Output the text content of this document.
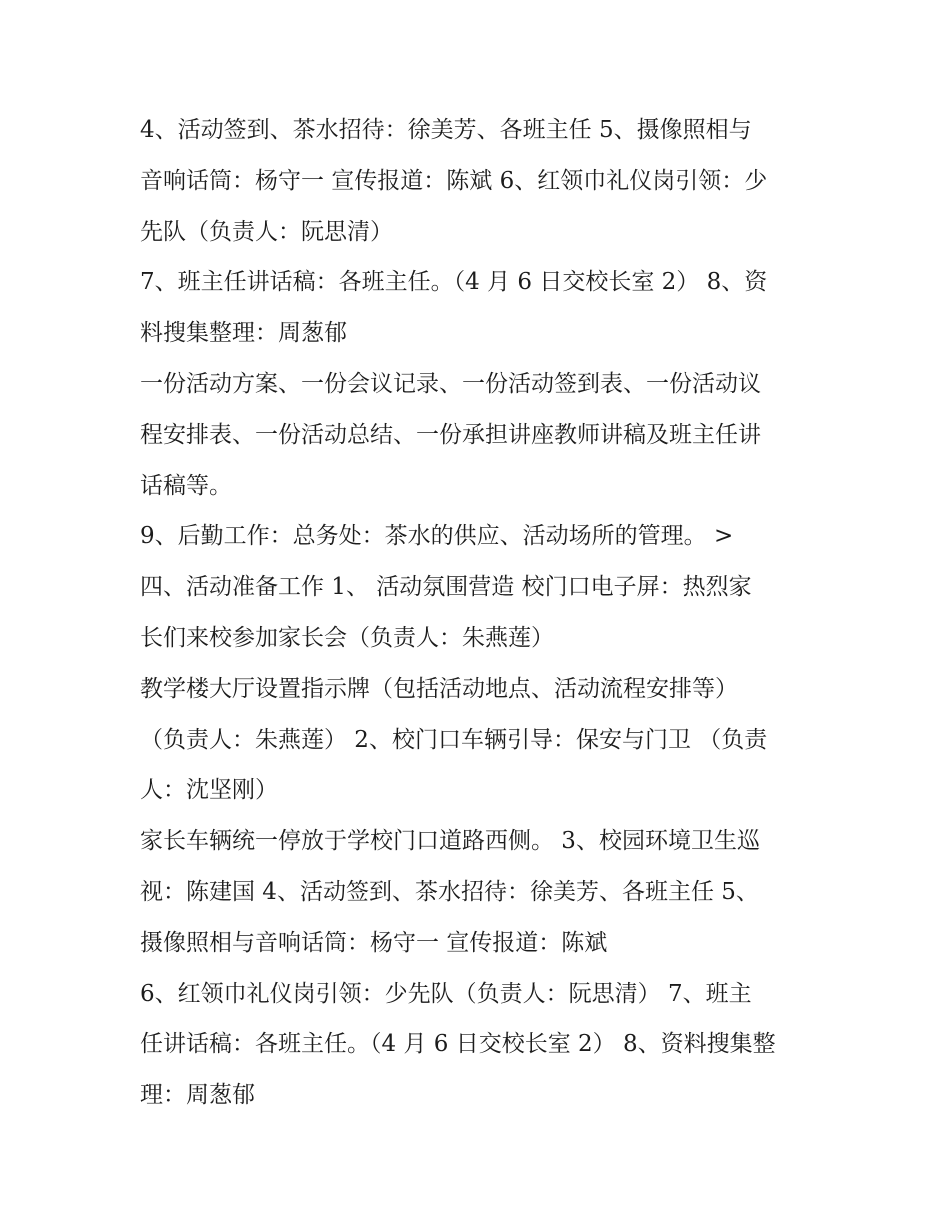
4、活动签到、茶水招待：徐美芳、各班主任 5、摄像照相与
音响话筒：杨守一 宣传报道：陈斌 6、红领巾礼仪岗引领：少
先队（负责人：阮思清）
7、班主任讲话稿：各班主任。（4 月 6 日交校长室 2） 8、资
料搜集整理：周葱郁
一份活动方案、一份会议记录、一份活动签到表、一份活动议
程安排表、一份活动总结、一份承担讲座教师讲稿及班主任讲
话稿等。
9、后勤工作：总务处：茶水的供应、活动场所的管理。 >
四、活动准备工作 1、 活动氛围营造 校门口电子屏：热烈家
长们来校参加家长会（负责人：朱燕莲）
教学楼大厅设置指示牌（包括活动地点、活动流程安排等）
（负责人：朱燕莲） 2、校门口车辆引导：保安与门卫 （负责
人：沈坚刚）
家长车辆统一停放于学校门口道路西侧。 3、校园环境卫生巡
视：陈建国 4、活动签到、茶水招待：徐美芳、各班主任 5、
摄像照相与音响话筒：杨守一 宣传报道：陈斌
6、红领巾礼仪岗引领：少先队（负责人：阮思清） 7、班主
任讲话稿：各班主任。（4 月 6 日交校长室 2） 8、资料搜集整
理：周葱郁
